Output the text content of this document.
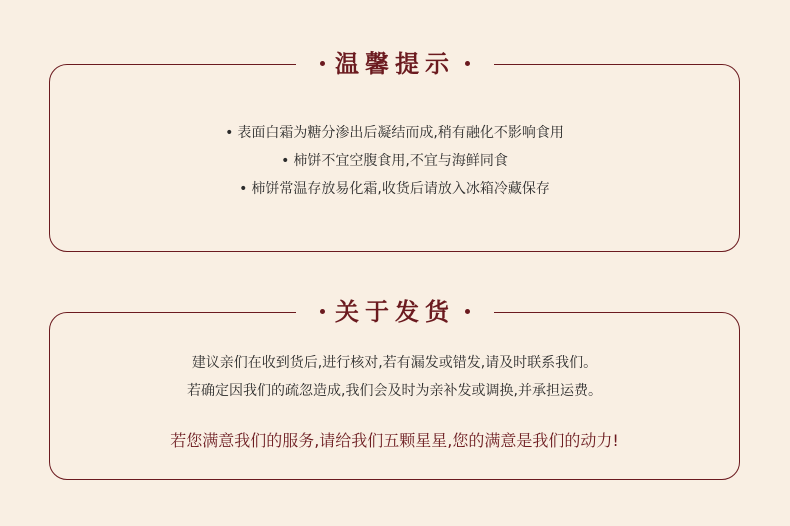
温馨提示
• 表面白霜为糖分渗出后凝结而成,稍有融化不影响食用
• 柿饼不宜空腹食用,不宜与海鲜同食
• 柿饼常温存放易化霜,收货后请放入冰箱冷藏保存
关于发货
建议亲们在收到货后,进行核对,若有漏发或错发,请及时联系我们。
若确定因我们的疏忽造成,我们会及时为亲补发或调换,并承担运费。
若您满意我们的服务,请给我们五颗星星,您的满意是我们的动力!
